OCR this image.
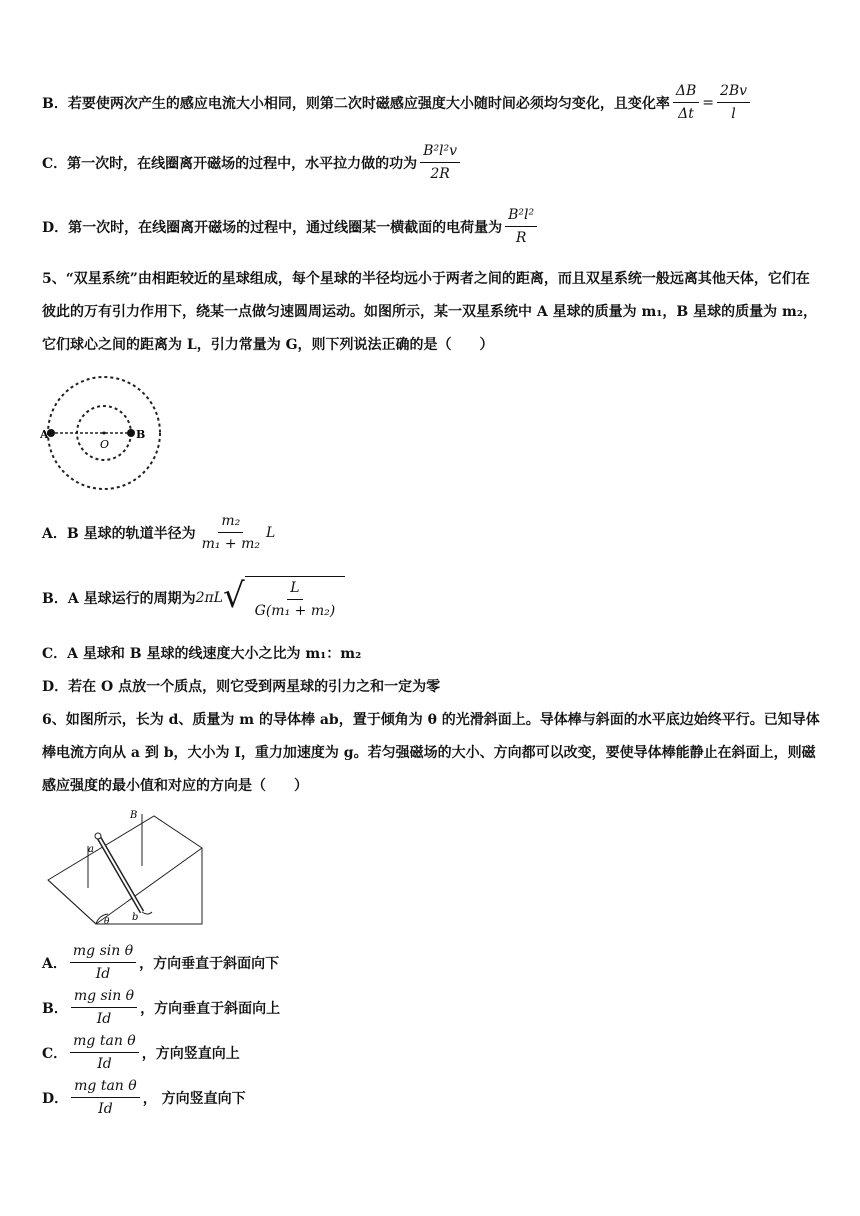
B．若要使两次产生的感应电流大小相同，则第二次时磁感应强度大小随时间必须均匀变化，且变化率 $\frac{\Delta B}{\Delta t} = \frac{2Bv}{l}$
C．第一次时，在线圈离开磁场的过程中，水平拉力做的功为 $\frac{\text{B²l²v}}{2R}$
D．第一次时，在线圈离开磁场的过程中，通过线圈某一横截面的电荷量为 $\frac{\text{B²l²}}{R}$
5、“双星系统”由相距较近的星球组成，每个星球的半径均远小于两者之间的距离，而且双星系统一般远离其他天体，它们在彼此的万有引力作用下，绕某一点做匀速圆周运动。如图所示，某一双星系统中 A 星球的质量为 m₁，B 星球的质量为 m₂，它们球心之间的距离为 L，引力常量为 G，则下列说法正确的是（　　）
A
O
B
A．B 星球的轨道半径为 $\frac{\text{m₂}}{\text{m₁ + m₂}}$ L
B．A 星球运行的周期为 2πL √ $\frac{L}{\text{G(m₁ + m₂)}}$
C．A 星球和 B 星球的线速度大小之比为 m₁：m₂
D．若在 O 点放一个质点，则它受到两星球的引力之和一定为零
6、如图所示，长为 d、质量为 m 的导体棒 ab，置于倾角为 θ 的光滑斜面上。导体棒与斜面的水平底边始终平行。已知导体棒电流方向从 a 到 b，大小为 I，重力加速度为 g。若匀强磁场的大小、方向都可以改变，要使导体棒能静止在斜面上，则磁感应强度的最小值和对应的方向是（　　）
B
a
b
θ
A． $\frac{\text{mg sin θ}}{Id}$ ，方向垂直于斜面向下
B． $\frac{\text{mg sin θ}}{Id}$ ，方向垂直于斜面向上
C． $\frac{\text{mg tan θ}}{Id}$ ，方向竖直向上
D． $\frac{\text{mg tan θ}}{Id}$ ， 方向竖直向下
